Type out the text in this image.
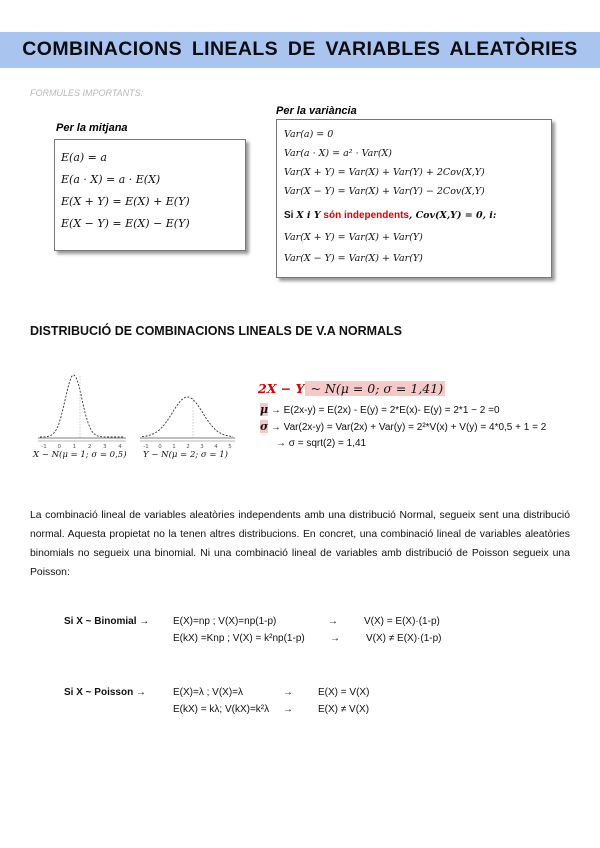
COMBINACIONS LINEALS DE VARIABLES ALEATÒRIES
FORMULES IMPORTANTS:
Per la mitjana
E(a) = a
E(a · X) = a · E(X)
E(X + Y) = E(X) + E(Y)
E(X − Y) = E(X) − E(Y)
Per la variància
Var(a) = 0
Var(a · X) = a² · Var(X)
Var(X + Y) = Var(X) + Var(Y) + 2Cov(X,Y)
Var(X − Y) = Var(X) + Var(Y) − 2Cov(X,Y)
Si X i Y són independents, Cov(X,Y) = 0, i:
Var(X + Y) = Var(X) + Var(Y)
Var(X − Y) = Var(X) + Var(Y)
DISTRIBUCIÓ DE COMBINACIONS LINEALS DE V.A NORMALS
-1 0 1 2 3 4	-1 0 1 2 3 4 5
X ~ N(μ = 1; σ = 0,5) Y ~ N(μ = 2; σ = 1)
2X − Y ~ N(μ = 0; σ = 1,41)
μ → E(2x-y) = E(2x) - E(y) = 2*E(x)- E(y) = 2*1 − 2 =0
σ → Var(2x-y) = Var(2x) + Var(y) = 2²*V(x) + V(y) = 4*0,5 + 1 = 2
→ σ = sqrt(2) = 1,41
La combinació lineal de variables aleatòries independents amb una distribució Normal, segueix sent una distribució normal. Aquesta propietat no la tenen altres distribucions. En concret, una combinació lineal de variables aleatòries binomials no segueix una binomial. Ni una combinació lineal de variables amb distribució de Poisson segueix una Poisson:
Si X ~ Binomial → E(X)=np ; V(X)=np(1-p)	→	V(X) = E(X)·(1-p)
E(kX) =Knp ; V(X) = k²np(1-p)	→	V(X) ≠ E(X)·(1-p)
Si X ~ Poisson →	E(X)=λ ; V(X)=λ	→	E(X) = V(X)
E(kX) = kλ; V(kX)=k²λ →	E(X) ≠ V(X)
